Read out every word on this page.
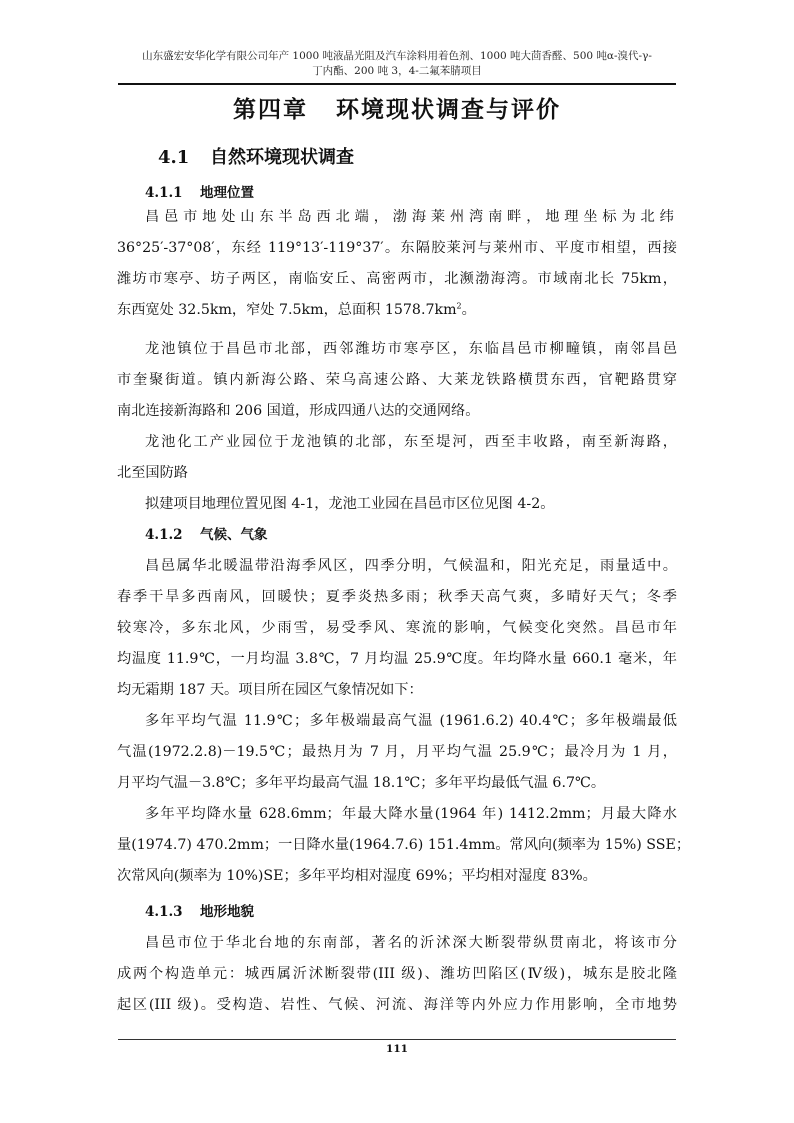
山东盛宏安华化学有限公司年产 1000 吨液晶光阻及汽车涂料用着色剂、1000 吨大茴香醛、500 吨α-溴代-γ-
丁内酯、200 吨 3，4-二氟苯腈项目
第四章 环境现状调查与评价
4.1 自然环境现状调查
4.1.1 地理位置
昌邑市地处山东半岛西北端，渤海莱州湾南畔，地理坐标为北纬
36°25′-37°08′，东经 119°13′-119°37′。东隔胶莱河与莱州市、平度市相望，西接
潍坊市寒亭、坊子两区，南临安丘、高密两市，北濒渤海湾。市域南北长 75km，
东西宽处 32.5km，窄处 7.5km，总面积 $1578.7km^2$。
龙池镇位于昌邑市北部，西邻潍坊市寒亭区，东临昌邑市柳疃镇，南邻昌邑
市奎聚街道。镇内新海公路、荣乌高速公路、大莱龙铁路横贯东西，官靶路贯穿
南北连接新海路和 206 国道，形成四通八达的交通网络。
龙池化工产业园位于龙池镇的北部，东至堤河，西至丰收路，南至新海路，
北至国防路
拟建项目地理位置见图 4-1，龙池工业园在昌邑市区位见图 4-2。
4.1.2 气候、气象
昌邑属华北暖温带沿海季风区，四季分明，气候温和，阳光充足，雨量适中。
春季干旱多西南风，回暖快；夏季炎热多雨；秋季天高气爽，多晴好天气；冬季
较寒冷，多东北风，少雨雪，易受季风、寒流的影响，气候变化突然。昌邑市年
均温度 11.9℃，一月均温 3.8℃，7 月均温 25.9℃度。年均降水量 660.1 毫米，年
均无霜期 187 天。项目所在园区气象情况如下：
多年平均气温 11.9℃；多年极端最高气温 (1961.6.2) 40.4℃；多年极端最低
气温(1972.2.8)－19.5℃；最热月为 7 月，月平均气温 25.9℃；最冷月为 1 月，
月平均气温－3.8℃；多年平均最高气温 18.1℃；多年平均最低气温 6.7℃。
多年平均降水量 628.6mm；年最大降水量(1964 年) 1412.2mm；月最大降水
量(1974.7) 470.2mm；一日降水量(1964.7.6) 151.4mm。常风向(频率为 15%) SSE；
次常风向(频率为 10%)SE；多年平均相对湿度 69%；平均相对湿度 83%。
4.1.3 地形地貌
昌邑市位于华北台地的东南部，著名的沂沭深大断裂带纵贯南北，将该市分
成两个构造单元：城西属沂沭断裂带(III 级)、潍坊凹陷区(Ⅳ级)，城东是胶北隆
起区(III 级)。受构造、岩性、气候、河流、海洋等内外应力作用影响，全市地势
111
